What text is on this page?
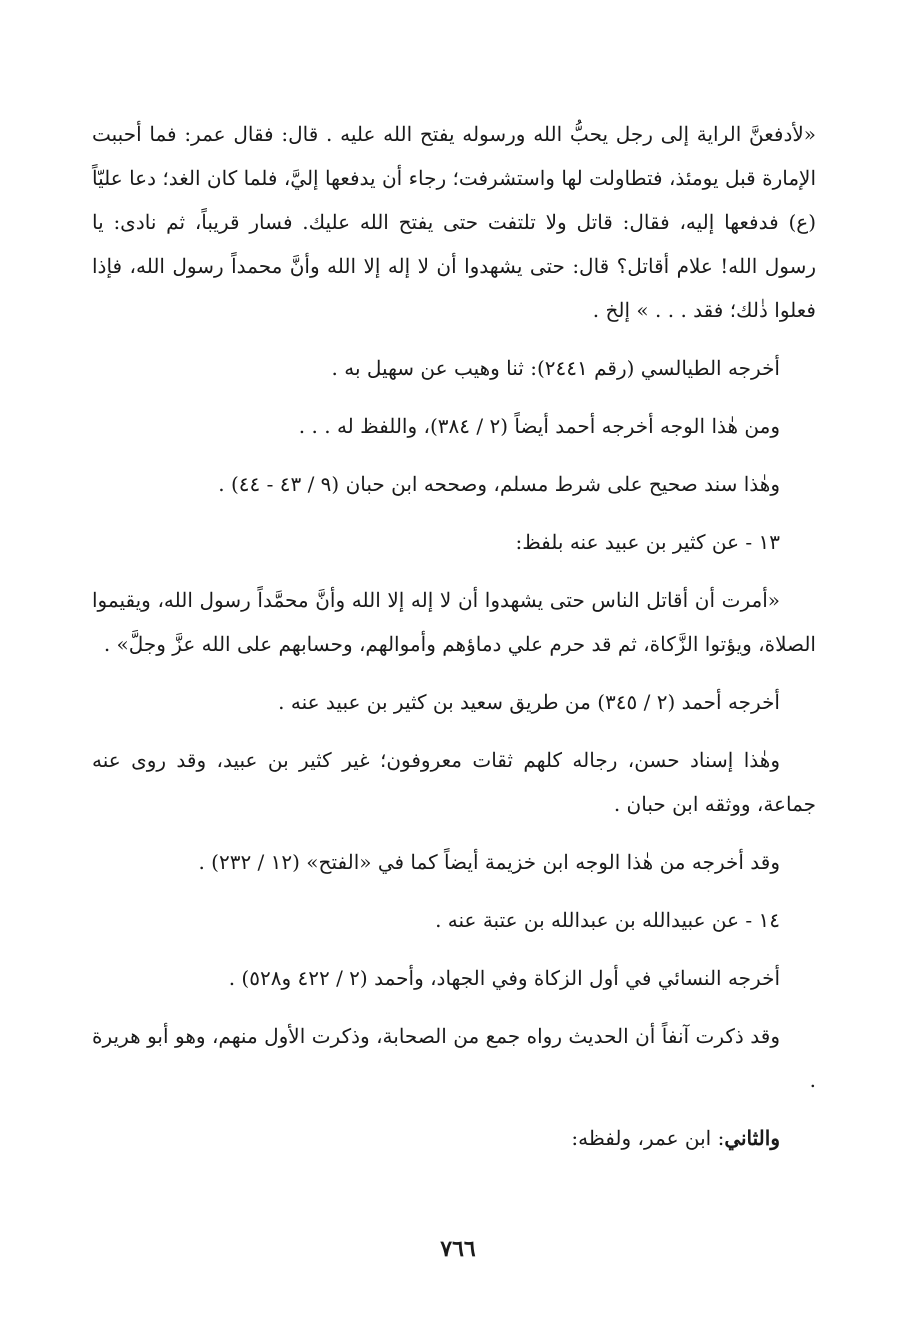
«لأدفعنَّ الراية إلى رجل يحبُّ الله ورسوله يفتح الله عليه . قال: فقال عمر: فما أحببت الإمارة قبل يومئذ، فتطاولت لها واستشرفت؛ رجاء أن يدفعها إليَّ، فلما كان الغد؛ دعا عليّاً (ع) فدفعها إليه، فقال: قاتل ولا تلتفت حتى يفتح الله عليك. فسار قريباً، ثم نادى: يا رسول الله! علام أقاتل؟ قال: حتى يشهدوا أن لا إله إلا الله وأنَّ محمداً رسول الله، فإذا فعلوا ذٰلك؛ فقد . . . » إلخ .

أخرجه الطيالسي (رقم ٢٤٤١): ثنا وهيب عن سهيل به .

ومن هٰذا الوجه أخرجه أحمد أيضاً (٢ / ٣٨٤)، واللفظ له . . .

وهٰذا سند صحيح على شرط مسلم، وصححه ابن حبان (٩ / ٤٣ - ٤٤) .

١٣ - عن كثير بن عبيد عنه بلفظ:

«أمرت أن أقاتل الناس حتى يشهدوا أن لا إله إلا الله وأنَّ محمَّداً رسول الله، ويقيموا الصلاة، ويؤتوا الزَّكاة، ثم قد حرم علي دماؤهم وأموالهم، وحسابهم على الله عزَّ وجلَّ» .

أخرجه أحمد (٢ / ٣٤٥) من طريق سعيد بن كثير بن عبيد عنه .

وهٰذا إسناد حسن، رجاله كلهم ثقات معروفون؛ غير كثير بن عبيد، وقد روى عنه جماعة، ووثقه ابن حبان .

وقد أخرجه من هٰذا الوجه ابن خزيمة أيضاً كما في «الفتح» (١٢ / ٢٣٢) .

١٤ - عن عبيدالله بن عبدالله بن عتبة عنه .

أخرجه النسائي في أول الزكاة وفي الجهاد، وأحمد (٢ / ٤٢٢ و٥٢٨) .

وقد ذكرت آنفاً أن الحديث رواه جمع من الصحابة، وذكرت الأول منهم، وهو أبو هريرة .

والثاني: ابن عمر، ولفظه:

٧٦٦
